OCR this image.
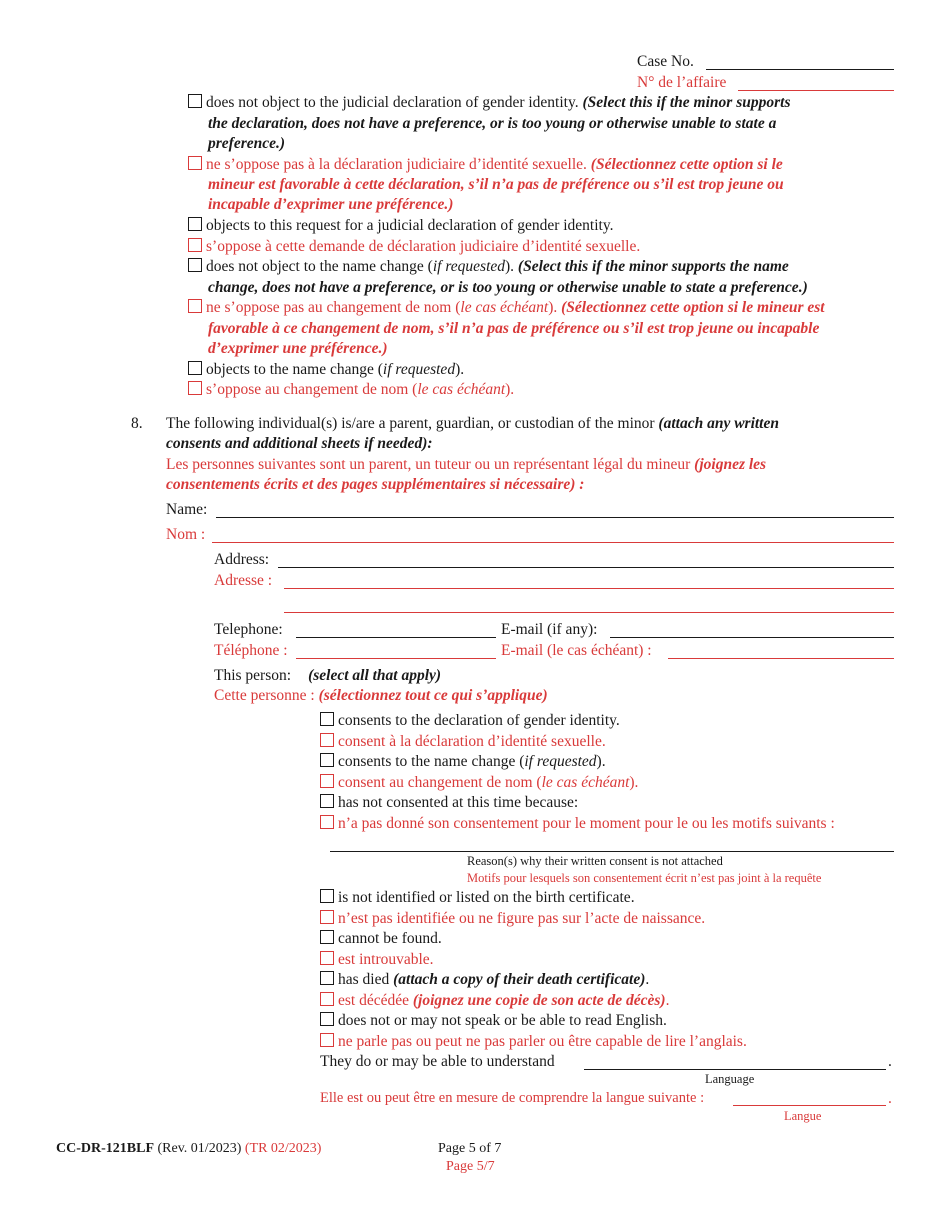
Case No.
N° de l’affaire
does not object to the judicial declaration of gender identity. (Select this if the minor supports
the declaration, does not have a preference, or is too young or otherwise unable to state a
preference.)
ne s’oppose pas à la déclaration judiciaire d’identité sexuelle. (Sélectionnez cette option si le
mineur est favorable à cette déclaration, s’il n’a pas de préférence ou s’il est trop jeune ou
incapable d’exprimer une préférence.)
objects to this request for a judicial declaration of gender identity.
s’oppose à cette demande de déclaration judiciaire d’identité sexuelle.
does not object to the name change (if requested). (Select this if the minor supports the name
change, does not have a preference, or is too young or otherwise unable to state a preference.)
ne s’oppose pas au changement de nom (le cas échéant). (Sélectionnez cette option si le mineur est
favorable à ce changement de nom, s’il n’a pas de préférence ou s’il est trop jeune ou incapable
d’exprimer une préférence.)
objects to the name change (if requested).
s’oppose au changement de nom (le cas échéant).
8. The following individual(s) is/are a parent, guardian, or custodian of the minor (attach any written
consents and additional sheets if needed):
Les personnes suivantes sont un parent, un tuteur ou un représentant légal du mineur (joignez les
consentements écrits et des pages supplémentaires si nécessaire) :
Name:
Nom :
Address:
Adresse :
Telephone:	E-mail (if any):
Téléphone :	E-mail (le cas échéant) :
This person: (select all that apply)
Cette personne : (sélectionnez tout ce qui s’applique)
consents to the declaration of gender identity.
consent à la déclaration d’identité sexuelle.
consents to the name change (if requested).
consent au changement de nom (le cas échéant).
has not consented at this time because:
n’a pas donné son consentement pour le moment pour le ou les motifs suivants :
Reason(s) why their written consent is not attached
Motifs pour lesquels son consentement écrit n’est pas joint à la requête
is not identified or listed on the birth certificate.
n’est pas identifiée ou ne figure pas sur l’acte de naissance.
cannot be found.
est introuvable.
has died (attach a copy of their death certificate).
est décédée (joignez une copie de son acte de décès).
does not or may not speak or be able to read English.
ne parle pas ou peut ne pas parler ou être capable de lire l’anglais.
They do or may be able to understand	.
Language
Elle est ou peut être en mesure de comprendre la langue suivante :	.
Langue
CC-DR-121BLF (Rev. 01/2023) (TR 02/2023)	Page 5 of 7
Page 5/7
